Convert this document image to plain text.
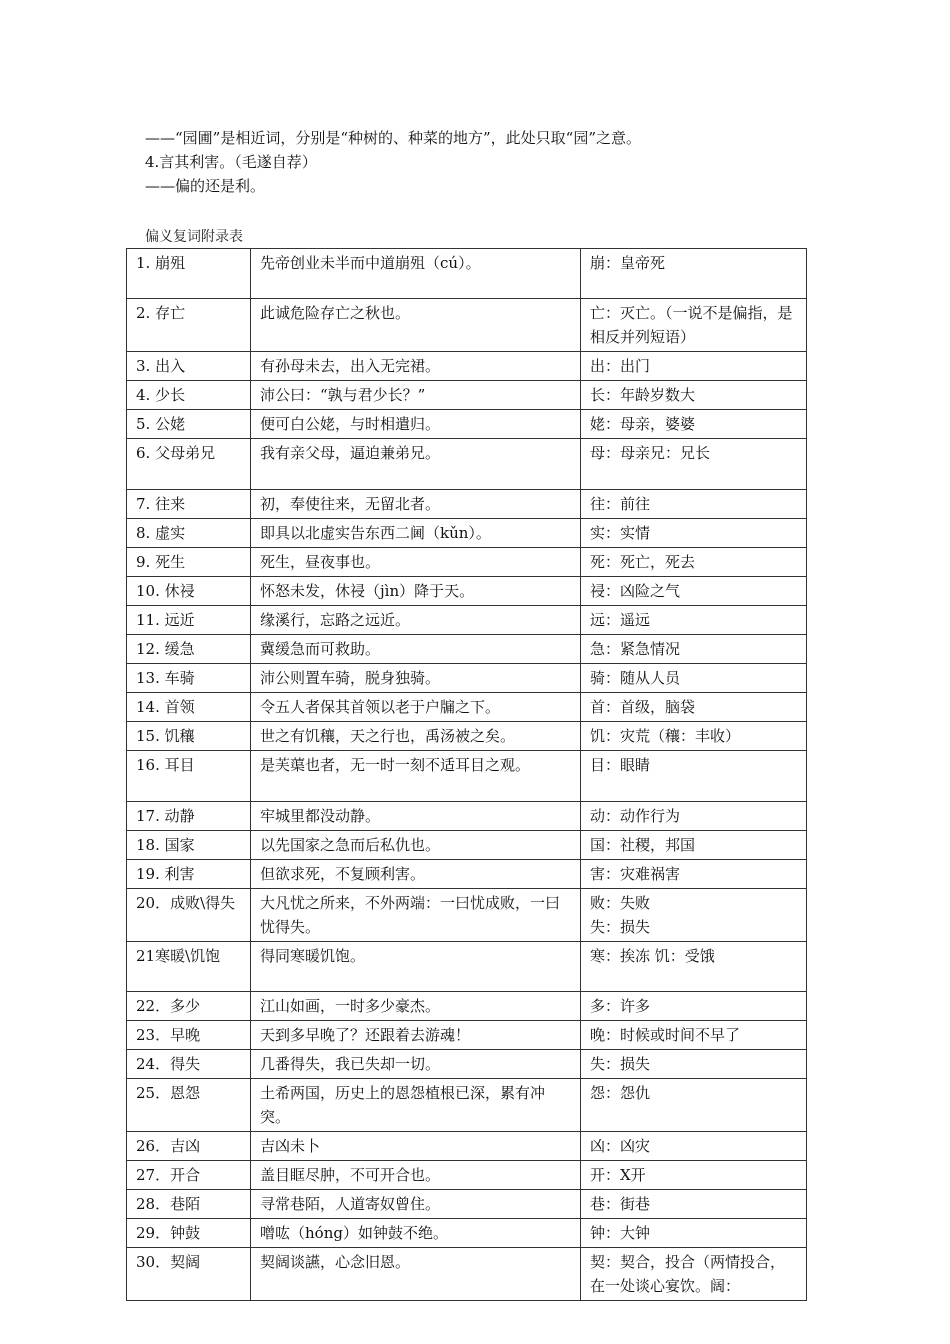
——“园圃”是相近词，分别是“种树的、种菜的地方”，此处只取“园”之意。
4.言其利害。（毛遂自荐）
——偏的还是利。
偏义复词附录表
1. 崩殂	先帝创业未半而中道崩殂（cú）。	崩：皇帝死
2. 存亡	此诚危险存亡之秋也。	亡：灭亡。（一说不是偏指，是相反并列短语）
3. 出入	有孙母未去，出入无完裙。	出：出门
4. 少长	沛公曰：“孰与君少长？”	长：年龄岁数大
5. 公姥	便可白公姥，与时相遣归。	姥：母亲，婆婆
6. 父母弟兄	我有亲父母，逼迫兼弟兄。	母：母亲兄：兄长
7. 往来	初，奉使往来，无留北者。	往：前往
8. 虚实	即具以北虚实告东西二阃（kǔn）。	实：实情
9. 死生	死生，昼夜事也。	死：死亡，死去
10. 休祲	怀怒未发，休祲（jìn）降于天。	祲：凶险之气
11. 远近	缘溪行，忘路之远近。	远：遥远
12. 缓急	冀缓急而可救助。	急：紧急情况
13. 车骑	沛公则置车骑，脱身独骑。	骑：随从人员
14. 首领	令五人者保其首领以老于户牖之下。	首：首级，脑袋
15. 饥穰	世之有饥穰，天之行也，禹汤被之矣。	饥：灾荒（穰：丰收）
16. 耳目	是芙蕖也者，无一时一刻不适耳目之观。	目：眼睛
17. 动静	牢城里都没动静。	动：动作行为
18. 国家	以先国家之急而后私仇也。	国：社稷，邦国
19. 利害	但欲求死，不复顾利害。	害：灾难祸害
20．成败\得失	大凡忧之所来，不外两端：一曰忧成败，一曰忧得失。	败：失败
失：损失
21寒暖\饥饱	得同寒暖饥饱。	寒：挨冻 饥：受饿
22．多少	江山如画，一时多少豪杰。	多：许多
23．早晚	天到多早晚了？还跟着去游魂！	晚：时候或时间不早了
24．得失	几番得失，我已失却一切。	失：损失
25．恩怨	土希两国，历史上的恩怨植根已深，累有冲突。	怨：怨仇
26．吉凶	吉凶未卜	凶：凶灾
27．开合	盖目眶尽肿，不可开合也。	开：X开
28．巷陌	寻常巷陌，人道寄奴曾住。	巷：街巷
29．钟鼓	噌吰（hóng）如钟鼓不绝。	钟：大钟
30．契阔	契阔谈讌，心念旧恩。	契：契合，投合（两情投合，在一处谈心宴饮。阔：
